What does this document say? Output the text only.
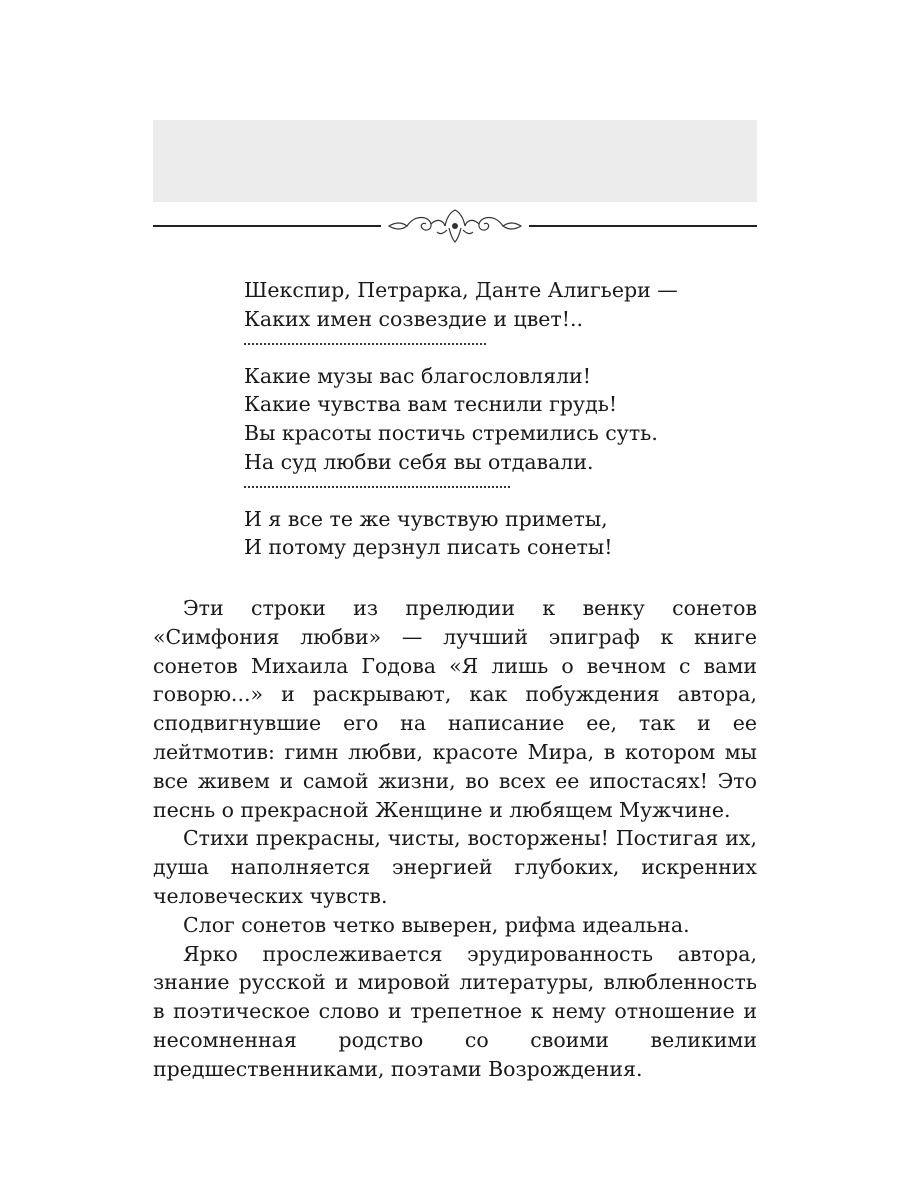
Шекспир, Петрарка, Данте Алигьери —
Каких имен созвездие и цвет!..
Какие музы вас благословляли!
Какие чувства вам теснили грудь!
Вы красоты постичь стремились суть.
На суд любви себя вы отдавали.
И я все те же чувствую приметы,
И потому дерзнул писать сонеты!

Эти строки из прелюдии к венку сонетов «Симфония любви» — лучший эпиграф к книге сонетов Михаила Годова «Я лишь о вечном с вами говорю...» и раскрывают, как побуждения автора, сподвигнувшие его на написание ее, так и ее лейтмотив: гимн любви, красоте Мира, в котором мы все живем и самой жизни, во всех ее ипостасях! Это песнь о прекрасной Женщине и любящем Мужчине.

Стихи прекрасны, чисты, восторжены! Постигая их, душа наполняется энергией глубоких, искренних человеческих чувств.

Слог сонетов четко выверен, рифма идеальна.

Ярко прослеживается эрудированность автора, знание русской и мировой литературы, влюбленность в поэтическое слово и трепетное к нему отношение и несомненная родство со своими великими предшественниками, поэтами Возрождения.
